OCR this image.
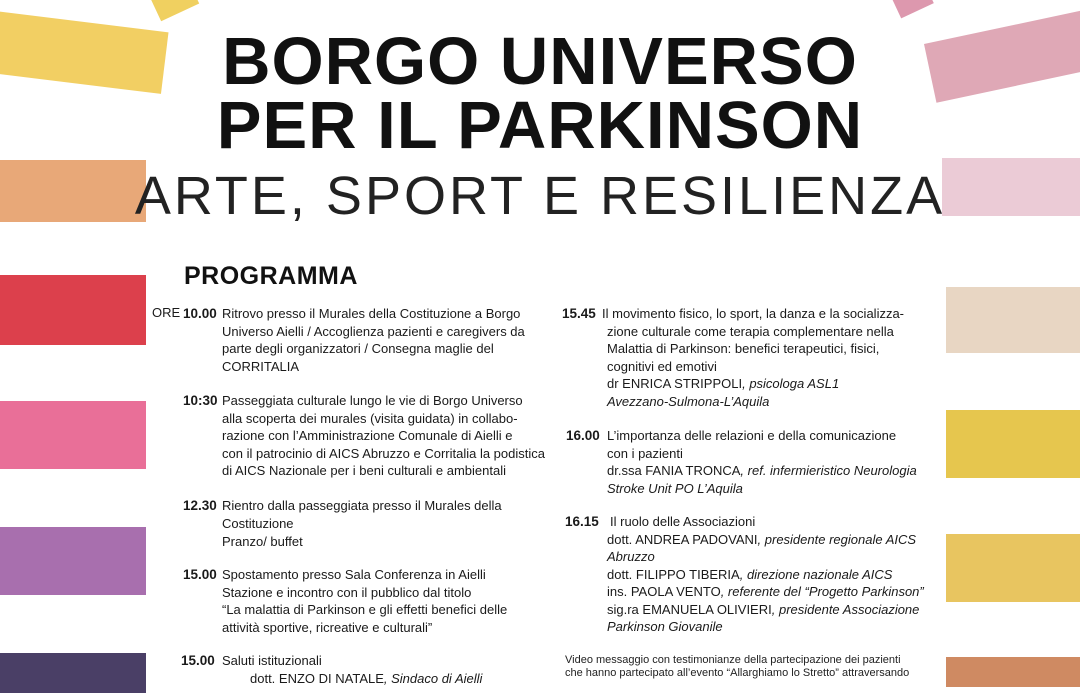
BORGO UNIVERSO
PER IL PARKINSON
ARTE, SPORT E RESILIENZA
PROGRAMMA
ORE 10.00 Ritrovo presso il Murales della Costituzione a Borgo
Universo Aielli / Accoglienza pazienti e caregivers da
parte degli organizzatori / Consegna maglie del
CORRITALIA
10:30 Passeggiata culturale lungo le vie di Borgo Universo
alla scoperta dei murales (visita guidata) in collabo-
razione con l’Amministrazione Comunale di Aielli e
con il patrocinio di AICS Abruzzo e Corritalia la podistica
di AICS Nazionale per i beni culturali e ambientali
12.30 Rientro dalla passeggiata presso il Murales della
Costituzione
Pranzo/ buffet
15.00 Spostamento presso Sala Conferenza in Aielli
Stazione e incontro con il pubblico dal titolo
“La malattia di Parkinson e gli effetti benefici delle
attività sportive, ricreative e culturali”
15.00 Saluti istituzionali
dott. ENZO DI NATALE, Sindaco di Aielli
15.45 Il movimento fisico, lo sport, la danza e la socializza-
zione culturale come terapia complementare nella
Malattia di Parkinson: benefici terapeutici, fisici,
cognitivi ed emotivi
dr ENRICA STRIPPOLI, psicologa ASL1
Avezzano-Sulmona-L’Aquila
16.00 L’importanza delle relazioni e della comunicazione
con i pazienti
dr.ssa FANIA TRONCA, ref. infermieristico Neurologia
Stroke Unit PO L’Aquila
16.15 Il ruolo delle Associazioni
dott. ANDREA PADOVANI, presidente regionale AICS
Abruzzo
dott. FILIPPO TIBERIA, direzione nazionale AICS
ins. PAOLA VENTO, referente del “Progetto Parkinson”
sig.ra EMANUELA OLIVIERI, presidente Associazione
Parkinson Giovanile
Video messaggio con testimonianze della partecipazione dei pazienti
che hanno partecipato all’evento “Allarghiamo lo Stretto” attraversando
